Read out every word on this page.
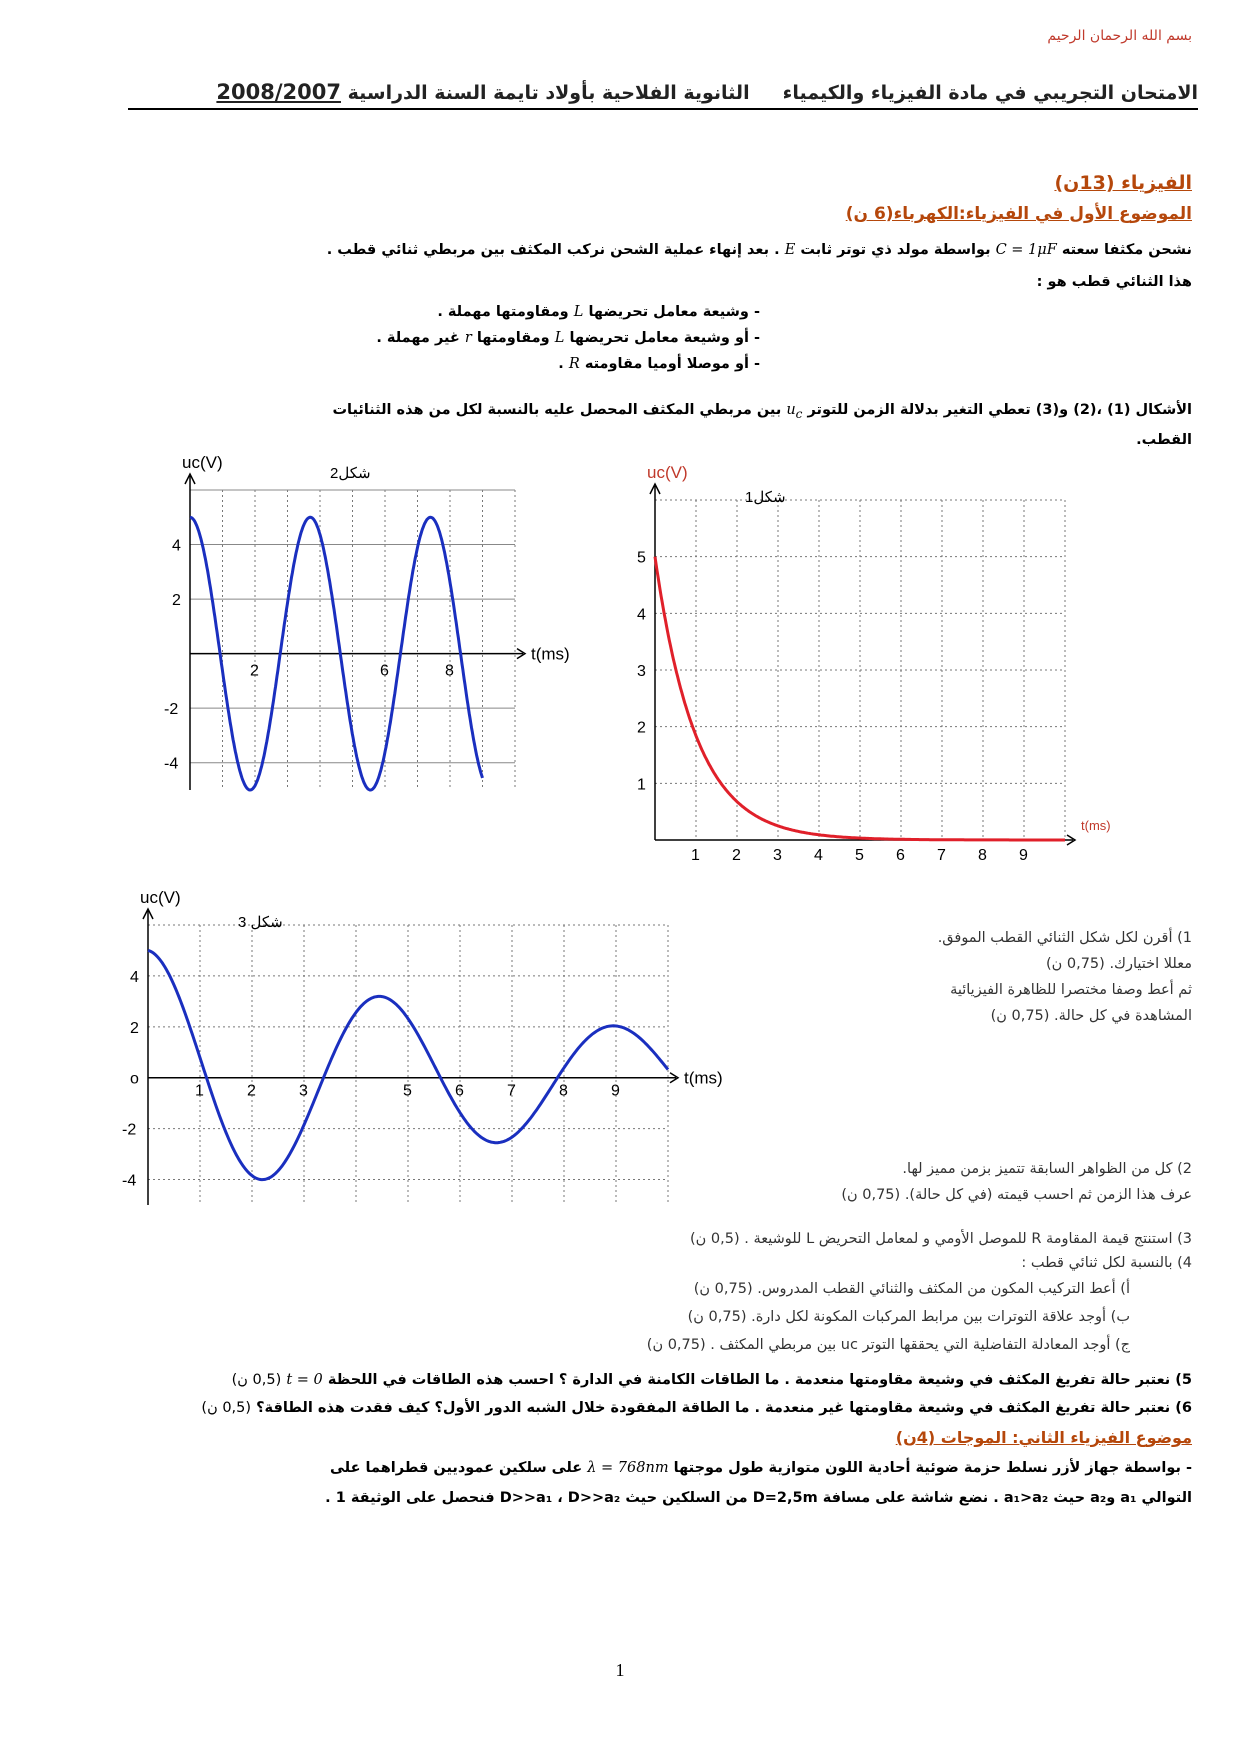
بسم الله الرحمان الرحيم
الامتحان التجريبي في مادة الفيزياء والكيمياء     الثانوية الفلاحية بأولاد تايمة السنة الدراسية 2008/2007
الفيزياء (13ن)
الموضوع الأول في الفيزياء:الكهرباء(6 ن)
نشحن مكثفا سعته C = 1μF بواسطة مولد ذي توتر ثابت E . بعد إنهاء عملية الشحن نركب المكثف بين مربطي ثنائي قطب .
هذا الثنائي قطب هو :
- وشيعة معامل تحريضها L ومقاومتها مهملة .
- أو وشيعة معامل تحريضها L ومقاومتها r غير مهملة .
- أو موصلا أوميا مقاومته R .
الأشكال (1) ،(2) و(3) تعطي التغير بدلالة الزمن للتوتر $u_c$ بين مربطي المكثف المحصل عليه بالنسبة لكل من هذه الثنائيات
القطب.
uc(V)
t(ms)
شكل2
2	6	8
4
2
-2
-4
uc(V)
t(ms)
شكل1
1 2 3 4 5 6 7 8 9
1
2
3
4
5
uc(V)
t(ms)
شكل 3
1	2	3	5	6	7	8	9
4
2
o
-2
-4
1) أقرن لكل شكل الثنائي القطب الموفق.
معللا اختيارك. (0,75 ن)
ثم أعط وصفا مختصرا للظاهرة الفيزيائية
المشاهدة في كل حالة. (0,75 ن)
2) كل من الظواهر السابقة تتميز بزمن مميز لها.
عرف هذا الزمن ثم احسب قيمته (في كل حالة). (0,75 ن)
3) استنتج قيمة المقاومة R للموصل الأومي و لمعامل التحريض L للوشيعة . (0,5 ن)
4) بالنسبة لكل ثنائي قطب :
أ) أعط التركيب المكون من المكثف والثنائي القطب المدروس. (0,75 ن)
ب) أوجد علاقة التوترات بين مرابط المركبات المكونة لكل دارة. (0,75 ن)
ج) أوجد المعادلة التفاضلية التي يحققها التوتر uc بين مربطي المكثف . (0,75 ن)
5) نعتبر حالة تفريغ المكثف في وشيعة مقاومتها منعدمة . ما الطاقات الكامنة في الدارة ؟ احسب هذه الطاقات في اللحظة t = 0 (0,5 ن)
6) نعتبر حالة تفريغ المكثف في وشيعة مقاومتها غير منعدمة . ما الطاقة المفقودة خلال الشبه الدور الأول؟ كيف فقدت هذه الطاقة؟ (0,5 ن)
موضوع الفيزياء الثاني: الموجات (4ن)
- بواسطة جهاز لأزر نسلط حزمة ضوئية أحادية اللون متوازية طول موجتها λ = 768nm على سلكين عموديين قطراهما على
التوالي a₁ وa₂ حيث a₁>a₂ . نضع شاشة على مسافة D=2,5m من السلكين حيث D>>a₁ ، D>>a₂ فنحصل على الوثيقة 1 .
1
